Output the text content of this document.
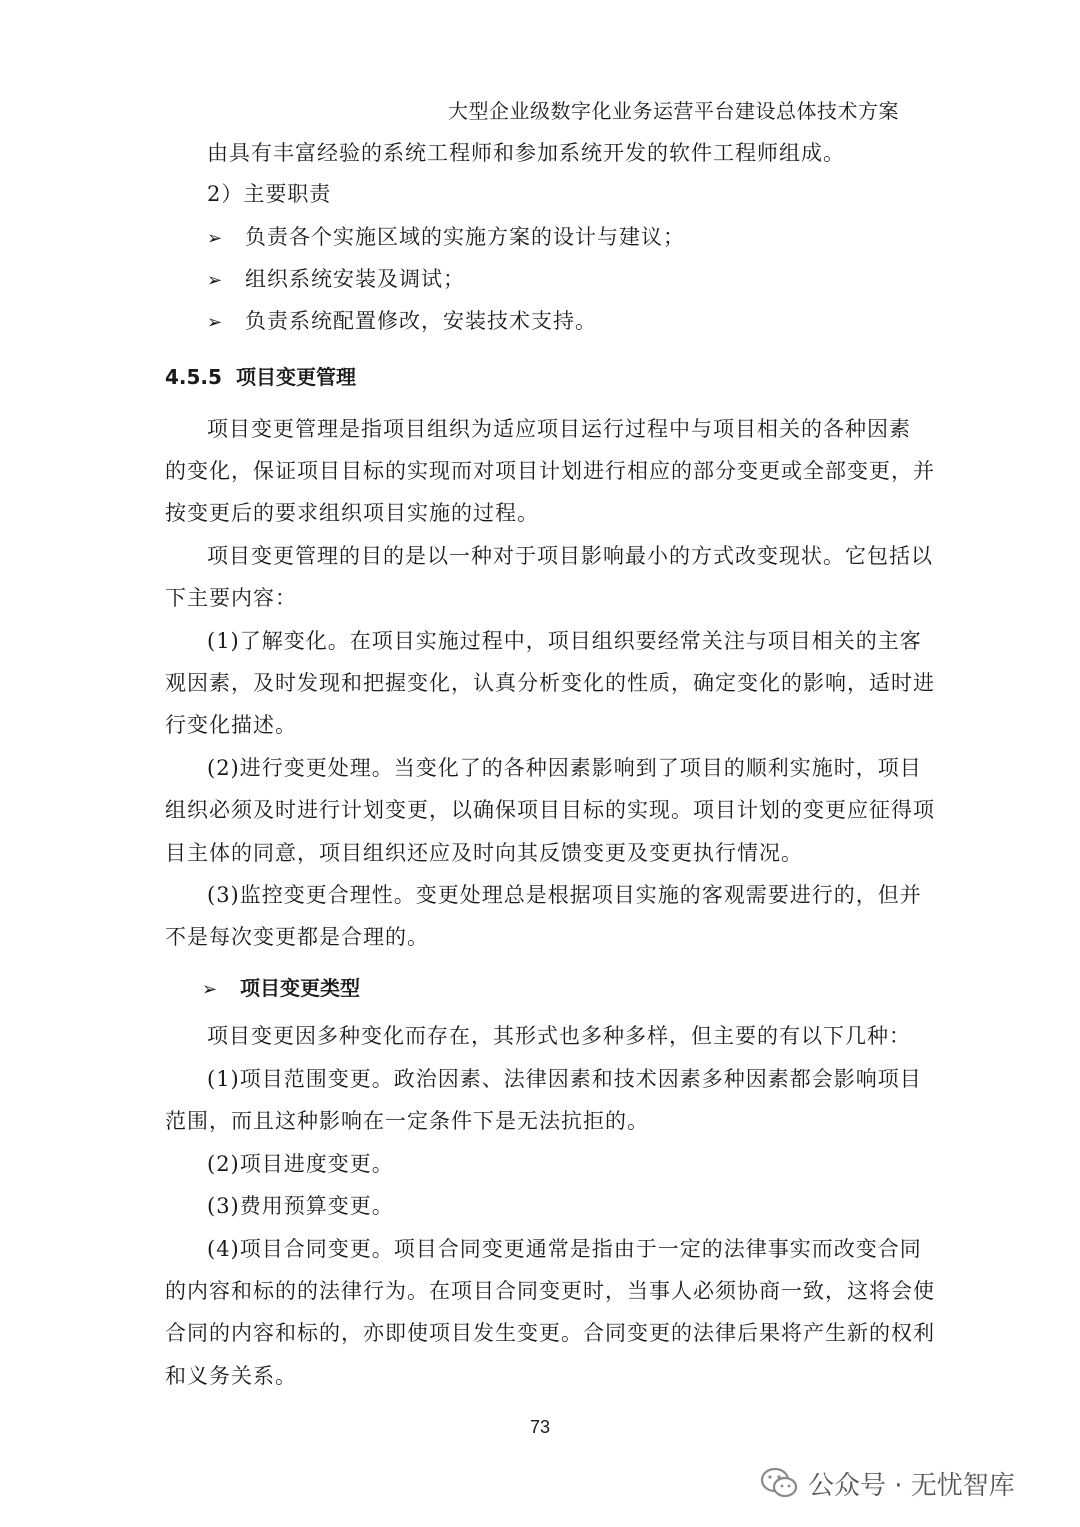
大型企业级数字化业务运营平台建设总体技术方案
由具有丰富经验的系统工程师和参加系统开发的软件工程师组成。
2）主要职责
➢ 负责各个实施区域的实施方案的设计与建议；
➢ 组织系统安装及调试；
➢ 负责系统配置修改，安装技术支持。
4.5.5 项目变更管理
项目变更管理是指项目组织为适应项目运行过程中与项目相关的各种因素
的变化，保证项目目标的实现而对项目计划进行相应的部分变更或全部变更，并
按变更后的要求组织项目实施的过程。
项目变更管理的目的是以一种对于项目影响最小的方式改变现状。它包括以
下主要内容：
(1)了解变化。在项目实施过程中，项目组织要经常关注与项目相关的主客
观因素，及时发现和把握变化，认真分析变化的性质，确定变化的影响，适时进
行变化描述。
(2)进行变更处理。当变化了的各种因素影响到了项目的顺利实施时，项目
组织必须及时进行计划变更，以确保项目目标的实现。项目计划的变更应征得项
目主体的同意，项目组织还应及时向其反馈变更及变更执行情况。
(3)监控变更合理性。变更处理总是根据项目实施的客观需要进行的，但并
不是每次变更都是合理的。
➢ 项目变更类型
项目变更因多种变化而存在，其形式也多种多样，但主要的有以下几种：
(1)项目范围变更。政治因素、法律因素和技术因素多种因素都会影响项目
范围，而且这种影响在一定条件下是无法抗拒的。
(2)项目进度变更。
(3)费用预算变更。
(4)项目合同变更。项目合同变更通常是指由于一定的法律事实而改变合同
的内容和标的的法律行为。在项目合同变更时，当事人必须协商一致，这将会使
合同的内容和标的，亦即使项目发生变更。合同变更的法律后果将产生新的权利
和义务关系。
73
公众号 · 无忧智库
